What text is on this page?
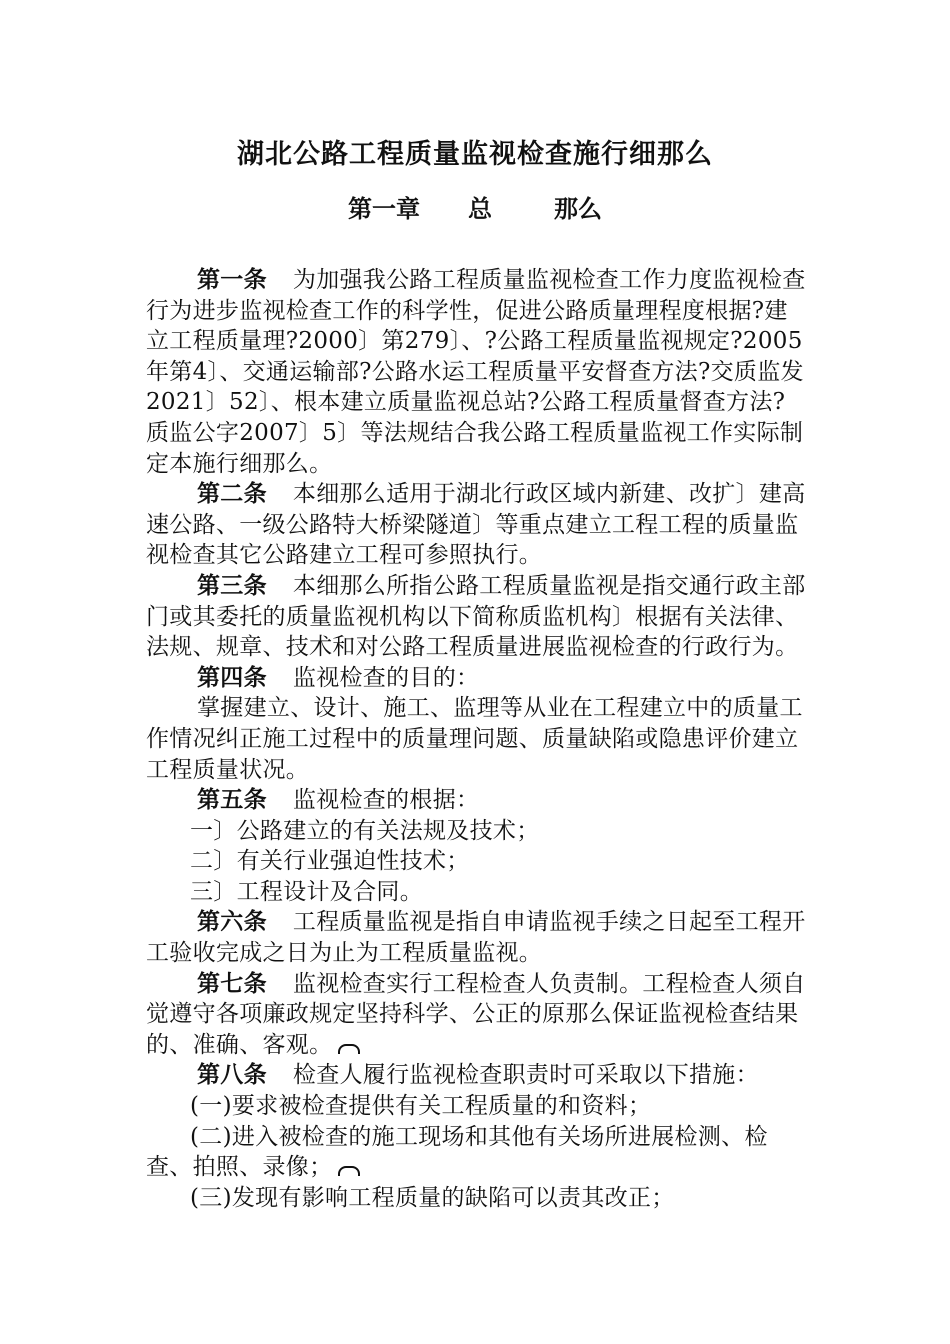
湖北公路工程质量监视检查施行细那么
第一章 总	那么

第一条 为加强我公路工程质量监视检查工作力度监视检查行为进步监视检查工作的科学性，促进公路质量理程度根据?建立工程质量理?2000〕第279〕、?公路工程质量监视规定?2005年第4〕、交通运输部?公路水运工程质量平安督查方法?交质监发2021〕52〕、根本建立质量监视总站?公路工程质量督查方法?质监公字2007〕5〕等法规结合我公路工程质量监视工作实际制定本施行细那么。

第二条 本细那么适用于湖北行政区域内新建、改扩〕建高速公路、一级公路特大桥梁隧道〕等重点建立工程工程的质量监视检查其它公路建立工程可参照执行。

第三条 本细那么所指公路工程质量监视是指交通行政主部门或其委托的质量监视机构以下简称质监机构〕根据有关法律、法规、规章、技术和对公路工程质量进展监视检查的行政行为。

第四条 监视检查的目的：

掌握建立、设计、施工、监理等从业在工程建立中的质量工作情况纠正施工过程中的质量理问题、质量缺陷或隐患评价建立工程质量状况。

第五条 监视检查的根据：

一〕公路建立的有关法规及技术；

二〕有关行业强迫性技术；

三〕工程设计及合同。

第六条 工程质量监视是指自申请监视手续之日起至工程开工验收完成之日为止为工程质量监视。

第七条 监视检查实行工程检查人负责制。工程检查人须自觉遵守各项廉政规定坚持科学、公正的原那么保证监视检查结果的、准确、客观。

第八条 检查人履行监视检查职责时可采取以下措施：

(一)要求被检查提供有关工程质量的和资料；

(二)进入被检查的施工现场和其他有关场所进展检测、检查、拍照、录像；

(三)发现有影响工程质量的缺陷可以责其改正；
